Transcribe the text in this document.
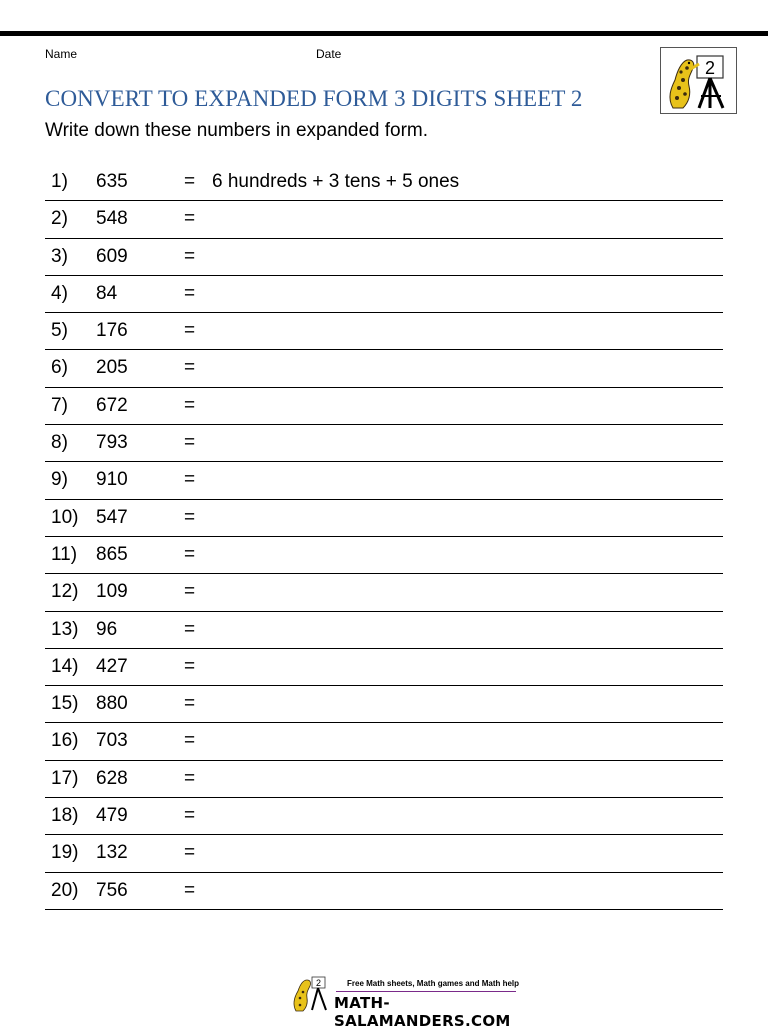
Name	Date
CONVERT TO EXPANDED FORM 3 DIGITS SHEET 2
Write down these numbers in expanded form.
2
1) 635	= 6 hundreds + 3 tens + 5 ones
2) 548	=
3) 609	=
4) 84	=
5) 176	=
6) 205	=
7) 672	=
8) 793	=
9) 910	=
10) 547	=
11) 865	=
12) 109	=
13) 96	=
14) 427	=
15) 880	=
16) 703	=
17) 628	=
18) 479	=
19) 132	=
20) 756	=
2	Free Math sheets, Math games and Math help
MATH-SALAMANDERS.COM
